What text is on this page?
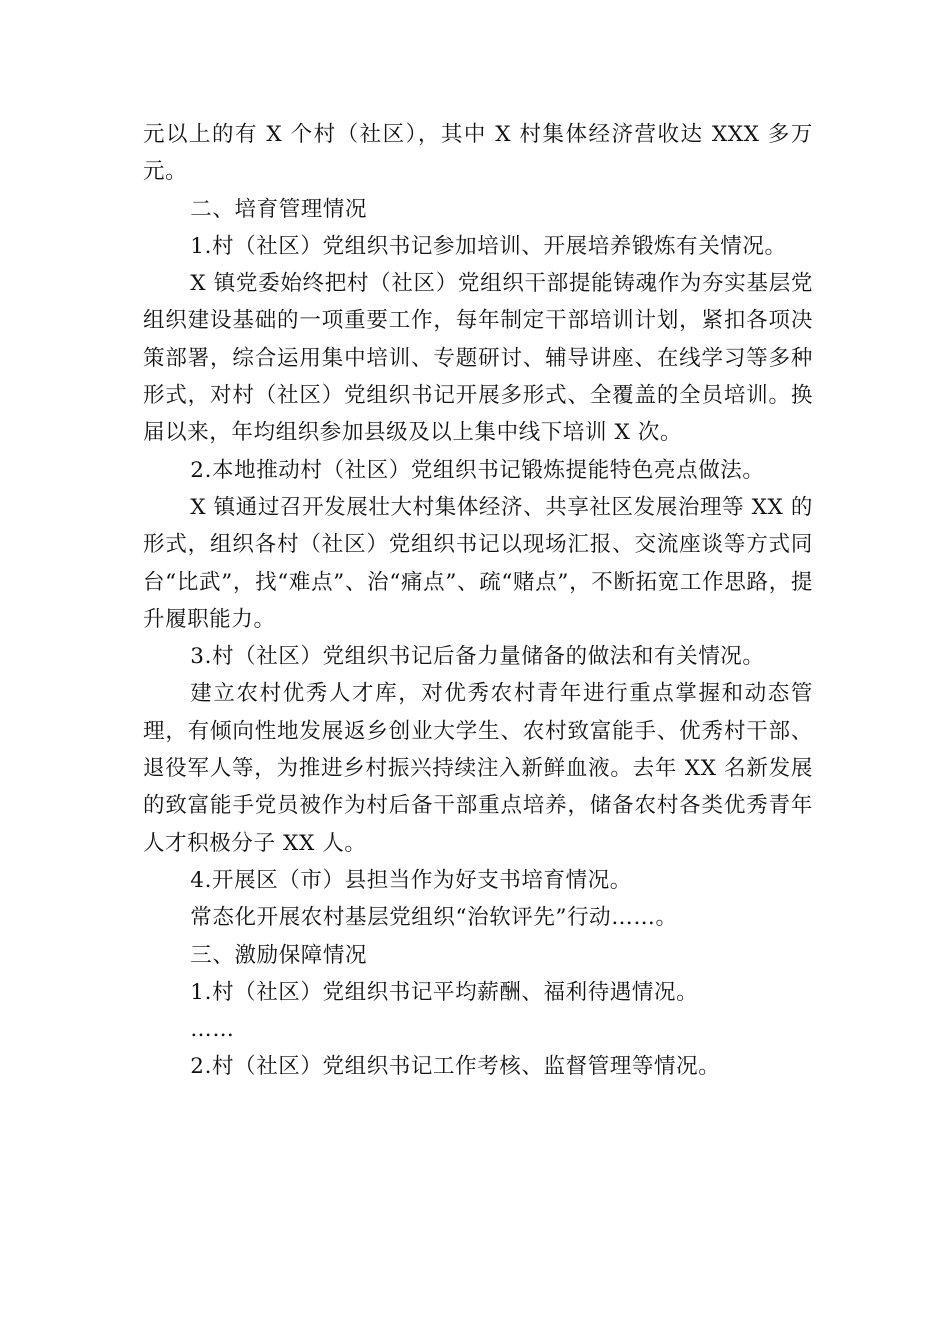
元以上的有 X 个村（社区），其中 X 村集体经济营收达 XXX 多万元。

二、培育管理情况

1.村（社区）党组织书记参加培训、开展培养锻炼有关情况。

X 镇党委始终把村（社区）党组织干部提能铸魂作为夯实基层党组织建设基础的一项重要工作，每年制定干部培训计划，紧扣各项决策部署，综合运用集中培训、专题研讨、辅导讲座、在线学习等多种形式，对村（社区）党组织书记开展多形式、全覆盖的全员培训。换届以来，年均组织参加县级及以上集中线下培训 X 次。

2.本地推动村（社区）党组织书记锻炼提能特色亮点做法。

X 镇通过召开发展壮大村集体经济、共享社区发展治理等 XX 的形式，组织各村（社区）党组织书记以现场汇报、交流座谈等方式同台“比武”，找“难点”、治“痛点”、疏“赌点”，不断拓宽工作思路，提升履职能力。

3.村（社区）党组织书记后备力量储备的做法和有关情况。

建立农村优秀人才库，对优秀农村青年进行重点掌握和动态管理，有倾向性地发展返乡创业大学生、农村致富能手、优秀村干部、退役军人等，为推进乡村振兴持续注入新鲜血液。去年 XX 名新发展的致富能手党员被作为村后备干部重点培养，储备农村各类优秀青年人才积极分子 XX 人。

4.开展区（市）县担当作为好支书培育情况。

常态化开展农村基层党组织“治软评先”行动……。

三、激励保障情况

1.村（社区）党组织书记平均薪酬、福利待遇情况。

……

2.村（社区）党组织书记工作考核、监督管理等情况。
